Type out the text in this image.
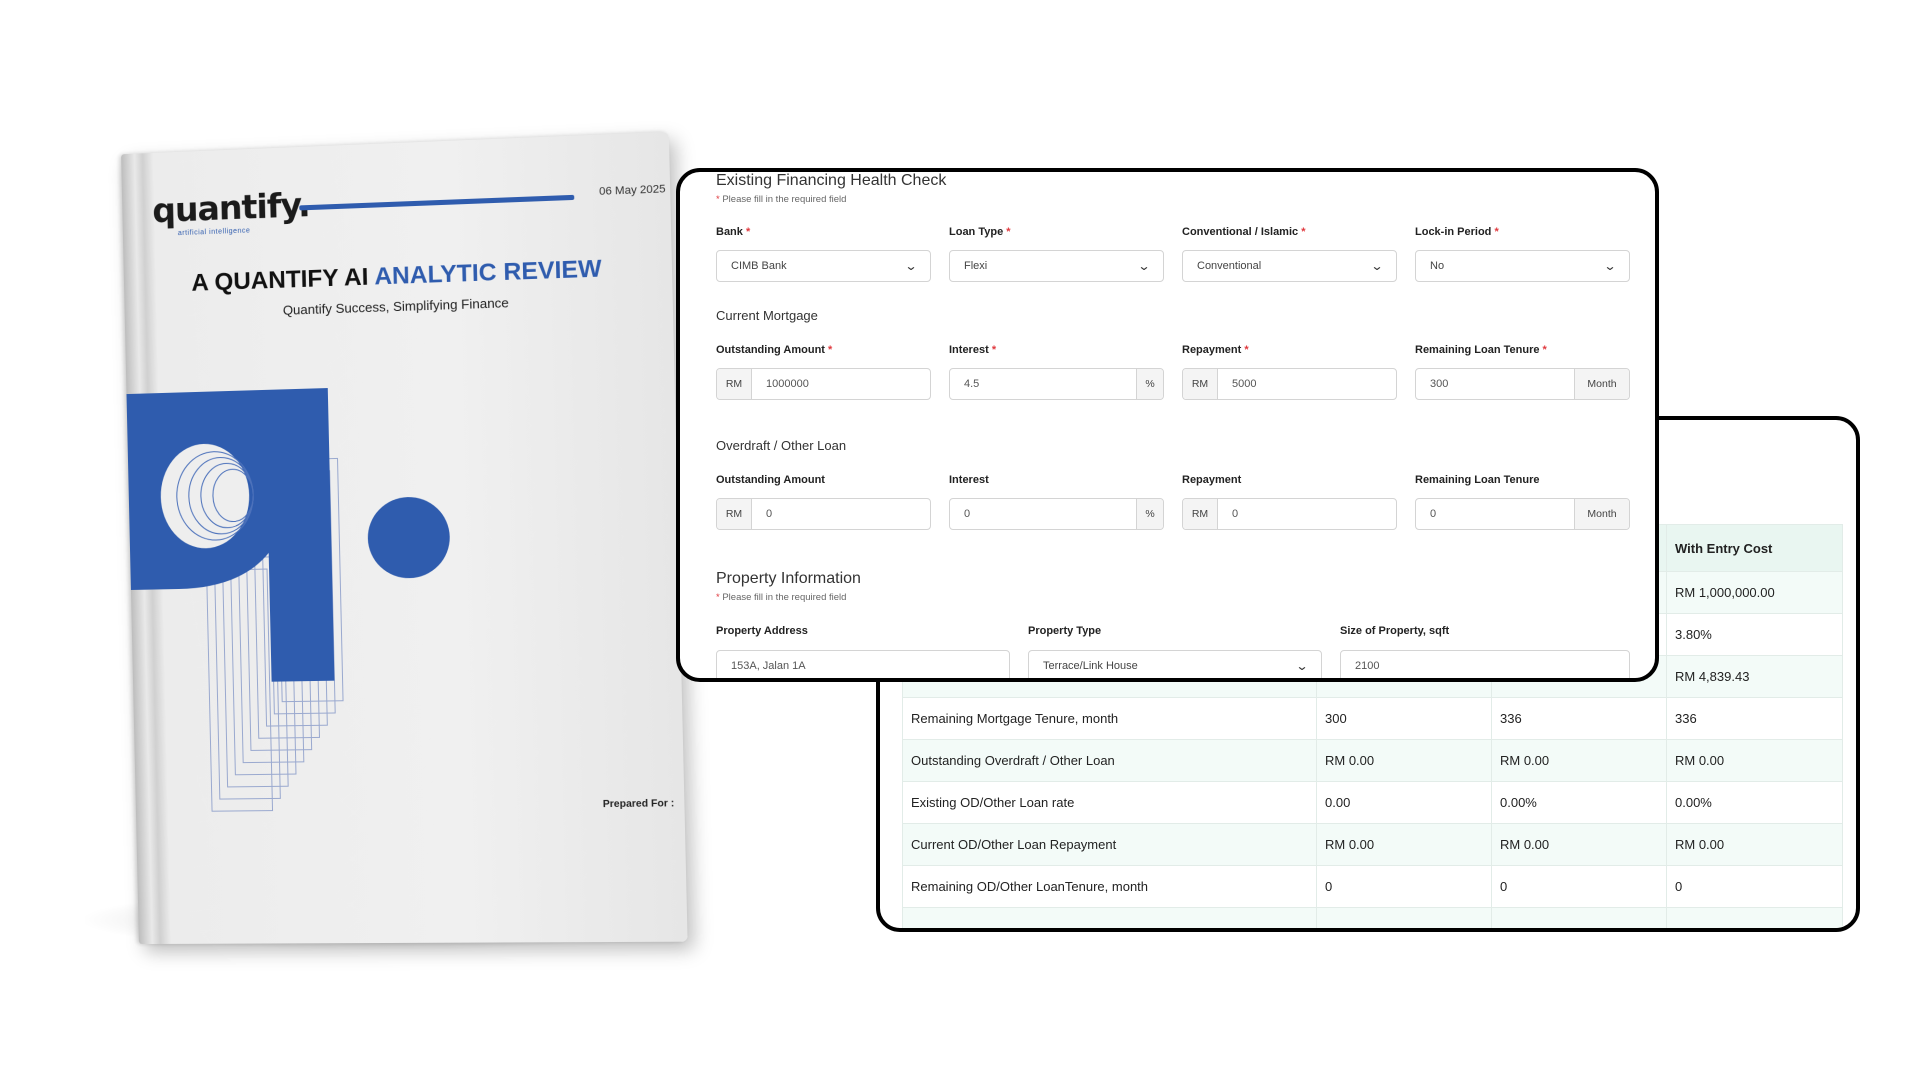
quantify.
artificial intelligence
06 May 2025
A QUANTIFY AI ANALYTIC REVIEW
Quantify Success, Simplifying Finance
Prepared For :
			With Entry Cost
			RM 1,000,000.00
			3.80%
			RM 4,839.43
Remaining Mortgage Tenure, month	300	336	336
Outstanding Overdraft / Other Loan	RM 0.00	RM 0.00	RM 0.00
Existing OD/Other Loan rate	0.00	0.00%	0.00%
Current OD/Other Loan Repayment	RM 0.00	RM 0.00	RM 0.00
Remaining OD/Other LoanTenure, month	0	0	0

Existing Financing Health Check
* Please fill in the required field
Bank *	Loan Type *	Conventional / Islamic *	Lock-in Period *
CIMB Bank	⌄	Flexi	⌄	Conventional	⌄	No	⌄
Current Mortgage
Outstanding Amount *	Interest *	Repayment *	Remaining Loan Tenure *
RM	1000000	4.5	%	RM	5000	300	Month
Overdraft / Other Loan
Outstanding Amount	Interest	Repayment	Remaining Loan Tenure
RM	0	0	%	RM	0	0	Month
Property Information
* Please fill in the required field
Property Address	Property Type	Size of Property, sqft
153A, Jalan 1A	Terrace/Link House	⌄	2100
